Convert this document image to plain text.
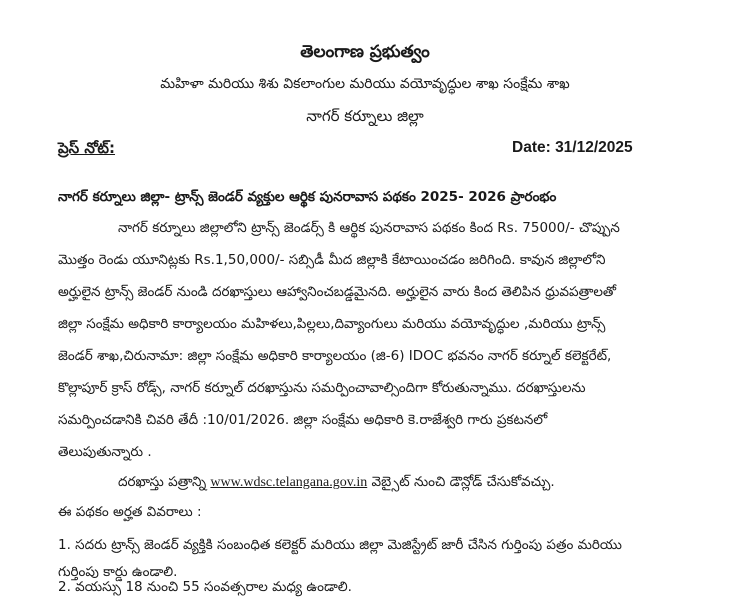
తెలంగాణ ప్రభుత్వం
మహిళా మరియు శిశు వికలాంగుల మరియు వయోవృద్ధుల శాఖ సంక్షేమ శాఖ
నాగర్ కర్నూలు జిల్లా
ప్రెస్ నోట్:	Date: 31/12/2025
నాగర్ కర్నూలు జిల్లా- ట్రాన్స్ జెండర్ వ్యక్తుల ఆర్థిక పునరావాస పథకం 2025- 2026 ప్రారంభం
నాగర్ కర్నూలు జిల్లాలోని ట్రాన్స్ జెండర్స్ కి ఆర్థిక పునరావాస పథకం కింద Rs. 75000/- చొప్పున
మొత్తం రెండు యూనిట్లకు Rs.1,50,000/- సబ్సిడీ మీద జిల్లాకి కేటాయించడం జరిగింది. కావున జిల్లాలోని
అర్హులైన ట్రాన్స్ జెండర్ నుండి దరఖాస్తులు ఆహ్వానించబడ్డమైనది. అర్హులైన వారు కింద తెలిపిన ధ్రువపత్రాలతో
జిల్లా సంక్షేమ అధికారి కార్యాలయం మహిళలు,పిల్లలు,దివ్యాంగులు మరియు వయోవృద్ధుల ,మరియు ట్రాన్స్
జెండర్ శాఖ,చిరునామా: జిల్లా సంక్షేమ అధికారి కార్యాలయం (జి-6) IDOC భవనం నాగర్ కర్నూల్ కలెక్టరేట్,
కొల్లాపూర్ క్రాస్ రోడ్స్, నాగర్ కర్నూల్ దరఖాస్తును సమర్పించావాల్సిందిగా కోరుతున్నాము. దరఖాస్తులను
సమర్పించడానికి చివరి తేదీ :10/01/2026. జిల్లా సంక్షేమ అధికారి కె.రాజేశ్వరి గారు ప్రకటనలో
తెలుపుతున్నారు .
దరఖాస్తు పత్రాన్ని www.wdsc.telangana.gov.in వెబ్సైట్ నుంచి డౌన్లోడ్ చేసుకోవచ్చు.
ఈ పథకం అర్హత వివరాలు :
1. సదరు ట్రాన్స్ జెండర్ వ్యక్తికి సంబంధిత కలెక్టర్ మరియు జిల్లా మెజిస్ట్రేట్ జారీ చేసిన గుర్తింపు పత్రం మరియు
గుర్తింపు కార్డు ఉండాలి.
2. వయస్సు 18 నుంచి 55 సంవత్సరాల మధ్య ఉండాలి.
